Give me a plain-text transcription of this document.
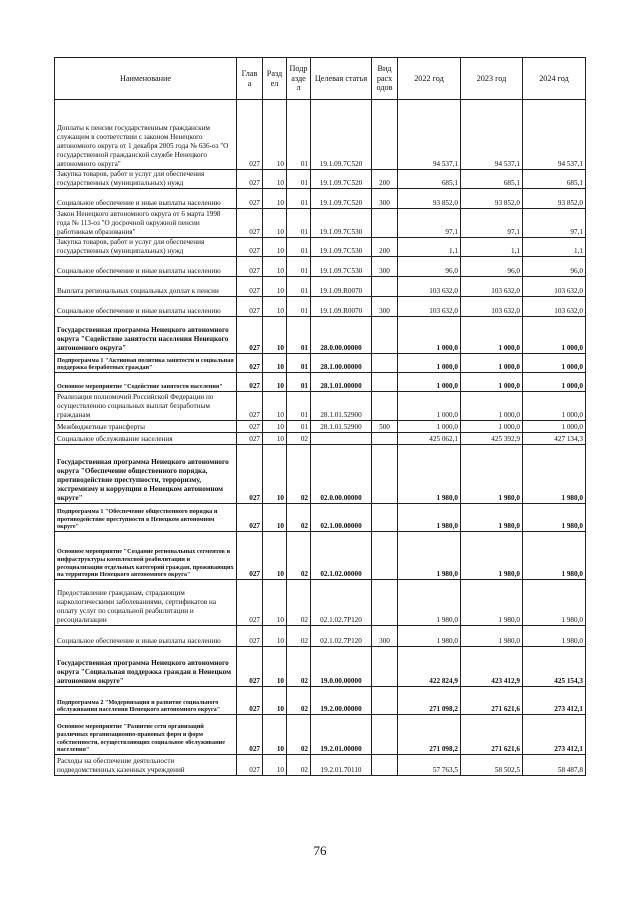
Наименование	Глав а	Разд ел	Подр азде л	Целевая статья	Вид расх одов	2022 год	2023 год	2024 год
Доплаты к пенсии государственным гражданским служащим в соответствии с законом Ненецкого автономного округа от 1 декабря 2005 года № 636-оз "О государственной гражданской службе Ненецкого автономного округа"	027	10	01	19.1.09.7С520		94 537,1	94 537,1	94 537,1
Закупка товаров, работ и услуг для обеспечения государственных (муниципальных) нужд	027	10	01	19.1.09.7С520	200	685,1	685,1	685,1
Социальное обеспечение и иные выплаты населению	027	10	01	19.1.09.7С520	300	93 852,0	93 852,0	93 852,0
Закон Ненецкого автономного округа от 6 марта 1998 года № 113-оз "О досрочной окружной пенсии работникам образования"	027	10	01	19.1.09.7С530		97,1	97,1	97,1
Закупка товаров, работ и услуг для обеспечения государственных (муниципальных) нужд	027	10	01	19.1.09.7С530	200	1,1	1,1	1,1
Социальное обеспечение и иные выплаты населению	027	10	01	19.1.09.7С530	300	96,0	96,0	96,0
Выплата региональных социальных доплат к пенсии	027	10	01	19.1.09.R0070		103 632,0	103 632,0	103 632,0
Социальное обеспечение и иные выплаты населению	027	10	01	19.1.09.R0070	300	103 632,0	103 632,0	103 632,0
Государственная программа Ненецкого автономного округа "Содействие занятости населения Ненецкого автономного округа"	027	10	01	28.0.00.00000		1 000,0	1 000,0	1 000,0
Подпрограмма 1 "Активная политика занятости и социальная поддержка безработных граждан"	027	10	01	28.1.00.00000		1 000,0	1 000,0	1 000,0
Основное мероприятие "Содействие занятости населения"	027	10	01	28.1.01.00000		1 000,0	1 000,0	1 000,0
Реализация полномочий Российской Федерации по осуществлению социальных выплат безработным гражданам	027	10	01	28.1.01.52900		1 000,0	1 000,0	1 000,0
Межбюджетные трансферты	027	10	01	28.1.01.52900	500	1 000,0	1 000,0	1 000,0
Социальное обслуживание населения	027	10	02			425 062,1	425 392,9	427 134,3
Государственная программа Ненецкого автономного округа "Обеспечение общественного порядка, противодействие преступности, терроризму, экстремизму и коррупции в Ненецком автономном округе"	027	10	02	02.0.00.00000		1 980,0	1 980,0	1 980,0
Подпрограмма 1 "Обеспечение общественного порядка и противодействие преступности в Ненецком автономном округе"	027	10	02	02.1.00.00000		1 980,0	1 980,0	1 980,0
Основное мероприятие "Создание региональных сегментов и инфраструктуры комплексной реабилитации и ресоциализации отдельных категорий граждан, проживающих на территории Ненецкого автономного округа"	027	10	02	02.1.02.00000		1 980,0	1 980,0	1 980,0
Предоставление гражданам, страдающим наркологическими заболеваниями, сертификатов на оплату услуг по социальной реабилитации и ресоциализации	027	10	02	02.1.02.7Р120		1 980,0	1 980,0	1 980,0
Социальное обеспечение и иные выплаты населению	027	10	02	02.1.02.7Р120	300	1 980,0	1 980,0	1 980,0
Государственная программа Ненецкого автономного округа "Социальная поддержка граждан в Ненецком автономном округе"	027	10	02	19.0.00.00000		422 824,9	423 412,9	425 154,3
Подпрограмма 2 "Модернизация и развитие социального обслуживания населения Ненецкого автономного округа"	027	10	02	19.2.00.00000		271 098,2	271 621,6	273 412,1
Основное мероприятие "Развитие сети организаций различных организационно-правовых форм и форм собственности, осуществляющих социальное обслуживание населения"	027	10	02	19.2.01.00000		271 098,2	271 621,6	273 412,1
Расходы на обеспечение деятельности подведомственных казенных учреждений	027	10	02	19.2.01.70110		57 763,5	58 502,5	58 487,8
76
